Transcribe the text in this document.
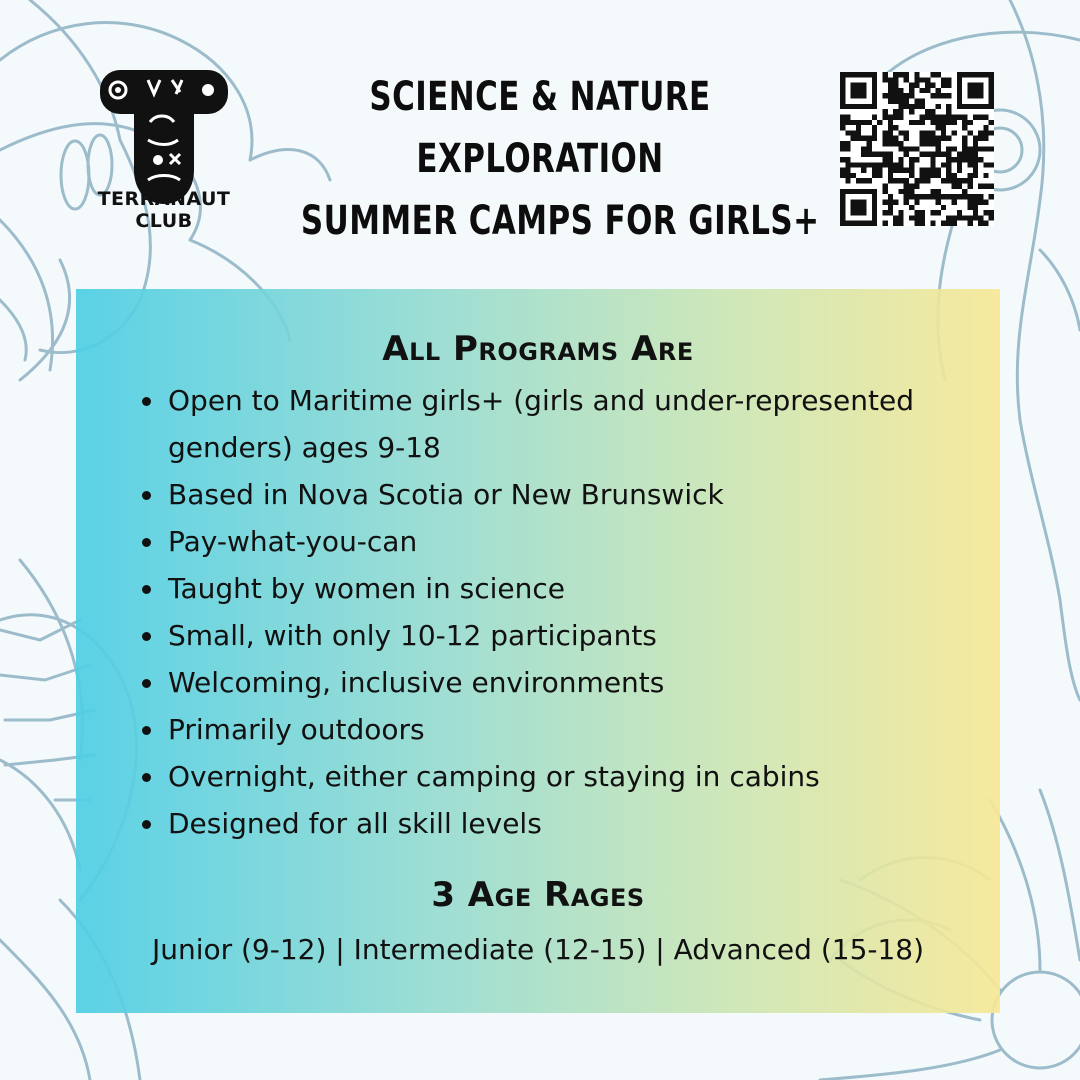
TERRANAUT
CLUB
SCIENCE & NATURE
EXPLORATION
SUMMER CAMPS FOR GIRLS+
All Programs Are
• Open to Maritime girls+ (girls and under-represented genders) ages 9-18
• Based in Nova Scotia or New Brunswick
• Pay-what-you-can
• Taught by women in science
• Small, with only 10-12 participants
• Welcoming, inclusive environments
• Primarily outdoors
• Overnight, either camping or staying in cabins
• Designed for all skill levels
3 Age Rages
Junior (9-12) | Intermediate (12-15) | Advanced (15-18)
